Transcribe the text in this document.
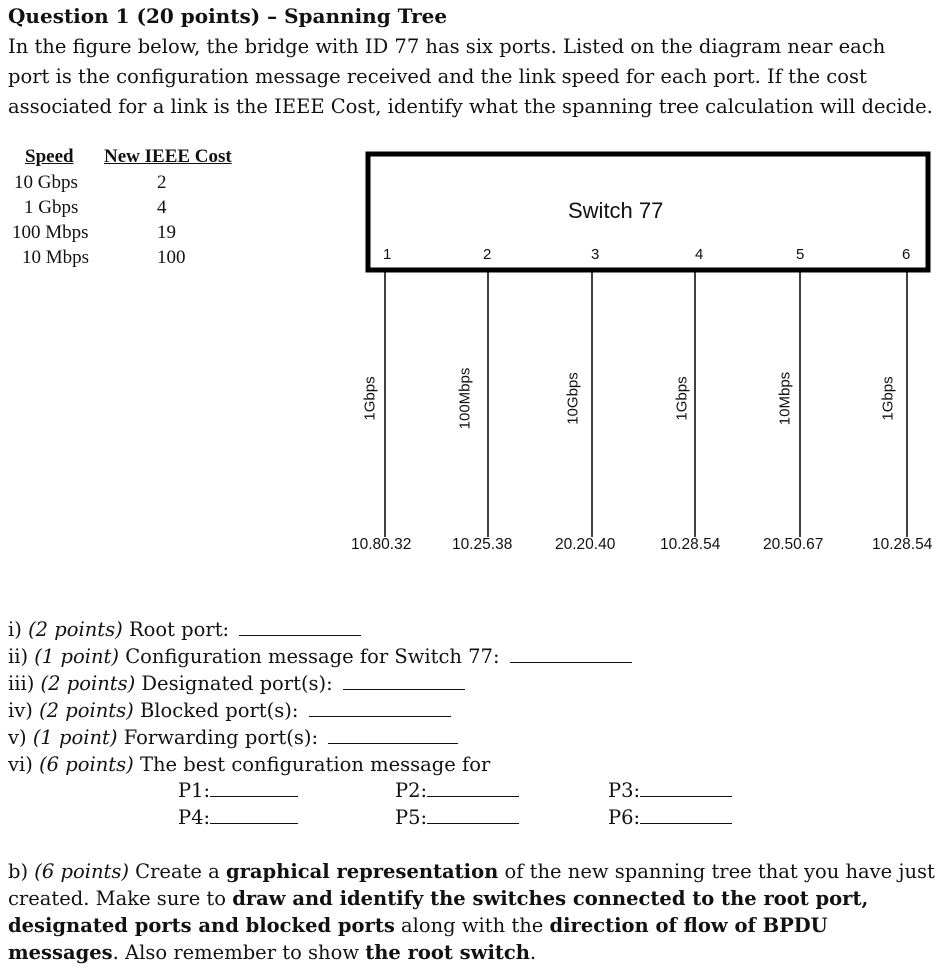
Question 1 (20 points) – Spanning Tree
In the figure below, the bridge with ID 77 has six ports. Listed on the diagram near each
port is the configuration message received and the link speed for each port. If the cost
associated for a link is the IEEE Cost, identify what the spanning tree calculation will decide.
Speed New IEEE Cost
10 Gbps	2
1 Gbps	4
100 Mbps	19
10 Mbps	100
Switch 77
1	2	3	4	5	6
1Gbps	100Mbps	10Gbps	1Gbps	10Mbps	1Gbps
10.80.32	10.25.38	20.20.40	10.28.54	20.50.67	10.28.54
i) (2 points) Root port:
ii) (1 point) Configuration message for Switch 77:
iii) (2 points) Designated port(s):
iv) (2 points) Blocked port(s):
v) (1 point) Forwarding port(s):
vi) (6 points) The best configuration message for
P1:	P2:	P3:
P4:	P5:	P6:
b) (6 points) Create a graphical representation of the new spanning tree that you have just created. Make sure to draw and identify the switches connected to the root port, designated ports and blocked ports along with the direction of flow of BPDU messages. Also remember to show the root switch.
